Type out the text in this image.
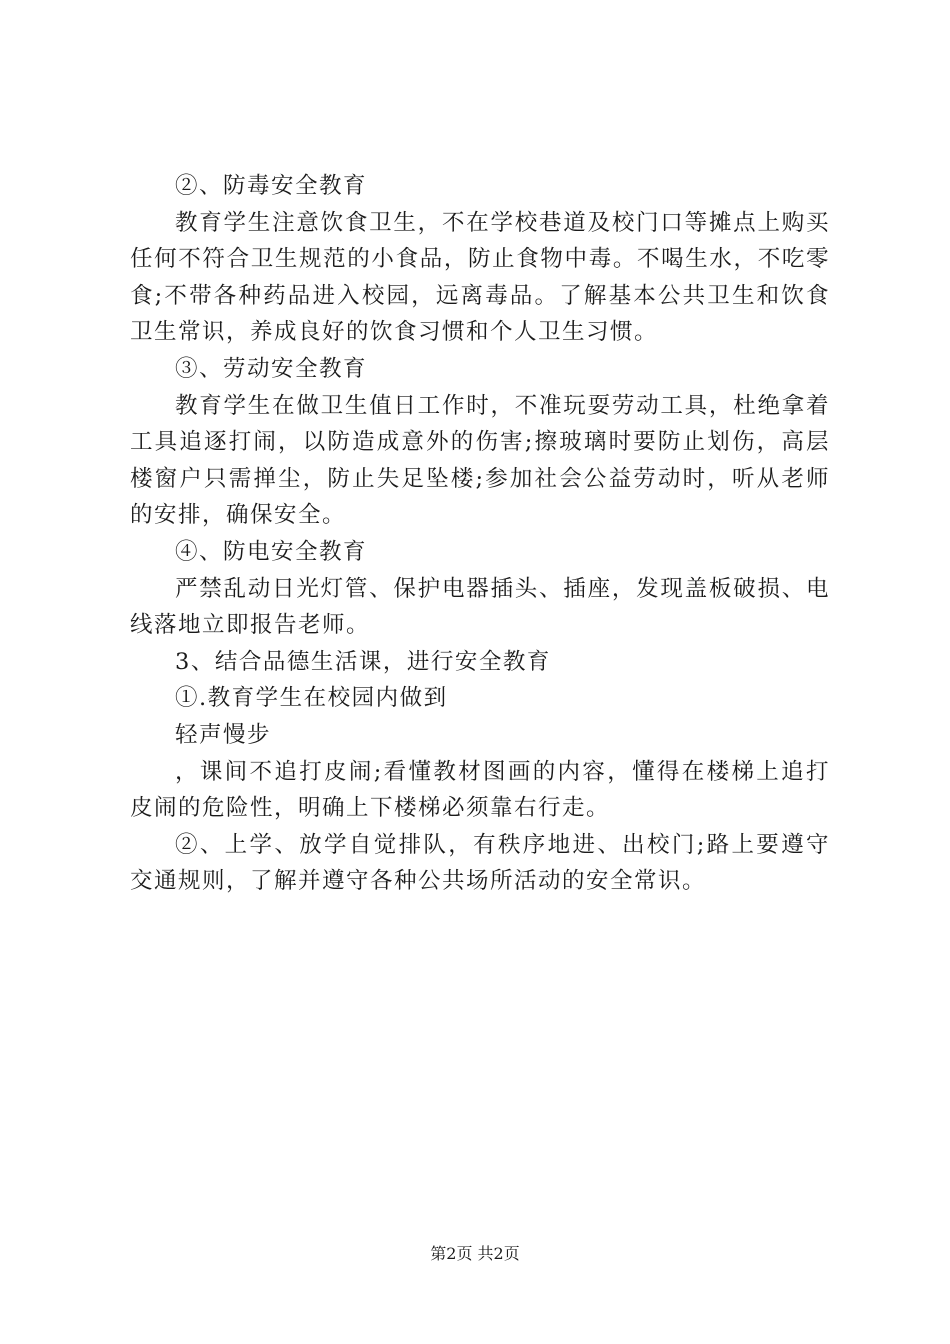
②、防毒安全教育

教育学生注意饮食卫生，不在学校巷道及校门口等摊点上购买任何不符合卫生规范的小食品，防止食物中毒。不喝生水，不吃零食;不带各种药品进入校园，远离毒品。了解基本公共卫生和饮食卫生常识，养成良好的饮食习惯和个人卫生习惯。

③、劳动安全教育

教育学生在做卫生值日工作时，不准玩耍劳动工具，杜绝拿着工具追逐打闹，以防造成意外的伤害;擦玻璃时要防止划伤，高层楼窗户只需掸尘，防止失足坠楼;参加社会公益劳动时，听从老师的安排，确保安全。

④、防电安全教育

严禁乱动日光灯管、保护电器插头、插座，发现盖板破损、电线落地立即报告老师。

3、结合品德生活课，进行安全教育

①.教育学生在校园内做到

轻声慢步

，课间不追打皮闹;看懂教材图画的内容，懂得在楼梯上追打皮闹的危险性，明确上下楼梯必须靠右行走。

②、上学、放学自觉排队，有秩序地进、出校门;路上要遵守交通规则，了解并遵守各种公共场所活动的安全常识。

第2页 共2页
